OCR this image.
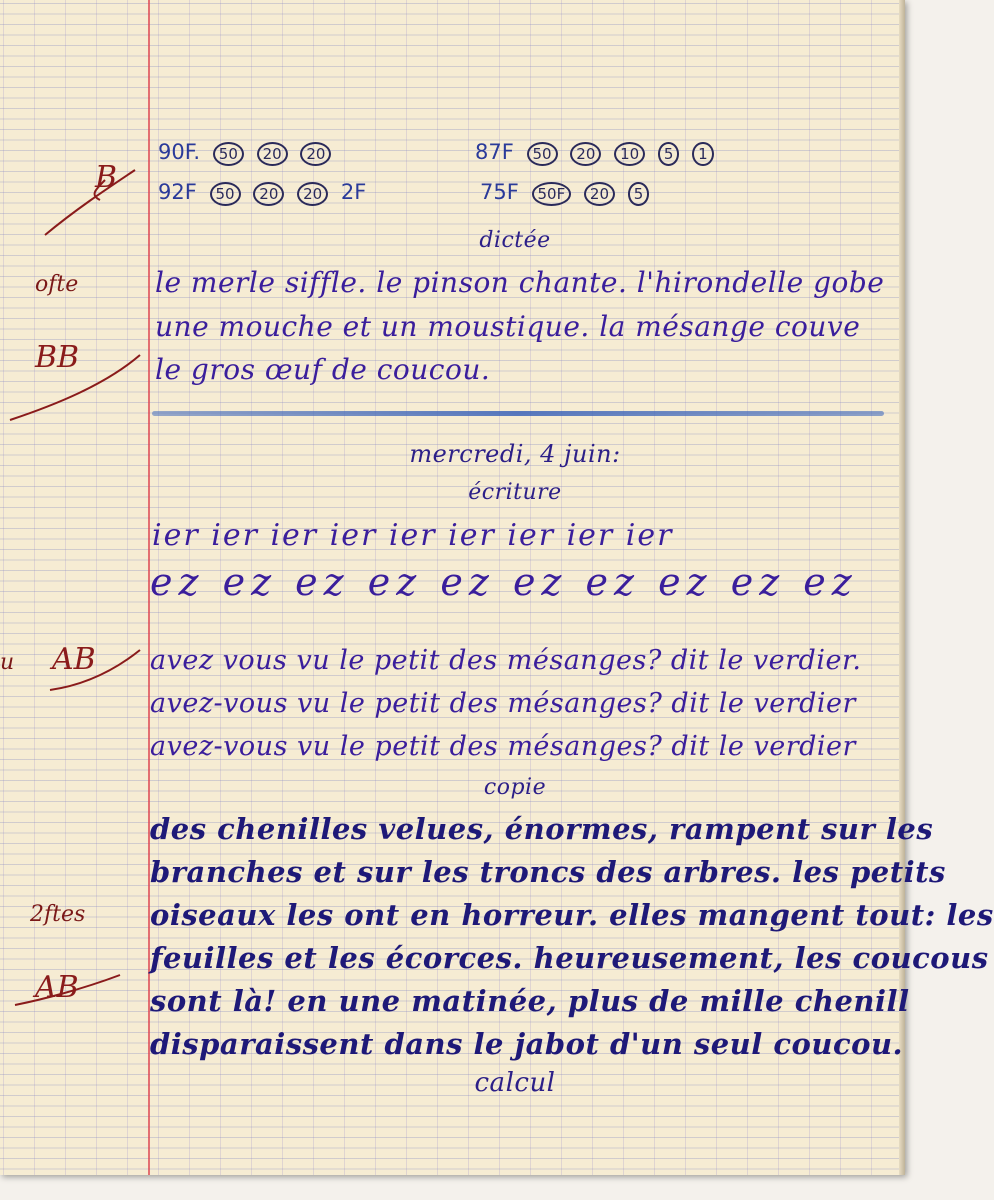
90F. 50 20 20	87F 50 20 10 5 1
92F 50 20 20 2F	75F 50F 20 5
B
ofte
BB
u AB
2ftes
AB
dictée
le merle siffle. le pinson chante. l'hirondelle gobe
une mouche et un moustique. la mésange couve
le gros œuf de coucou.
mercredi, 4 juin:
écriture
ier ier ier ier ier ier ier ier ier
ez ez ez ez ez ez ez ez ez ez
avez vous vu le petit des mésanges? dit le verdier.
avez-vous vu le petit des mésanges? dit le verdier
avez-vous vu le petit des mésanges? dit le verdier
copie
des chenilles velues, énormes, rampent sur les
branches et sur les troncs des arbres. les petits
oiseaux les ont en horreur. elles mangent tout: les
feuilles et les écorces. heureusement, les coucous
sont là! en une matinée, plus de mille chenill
disparaissent dans le jabot d'un seul coucou.
calcul
